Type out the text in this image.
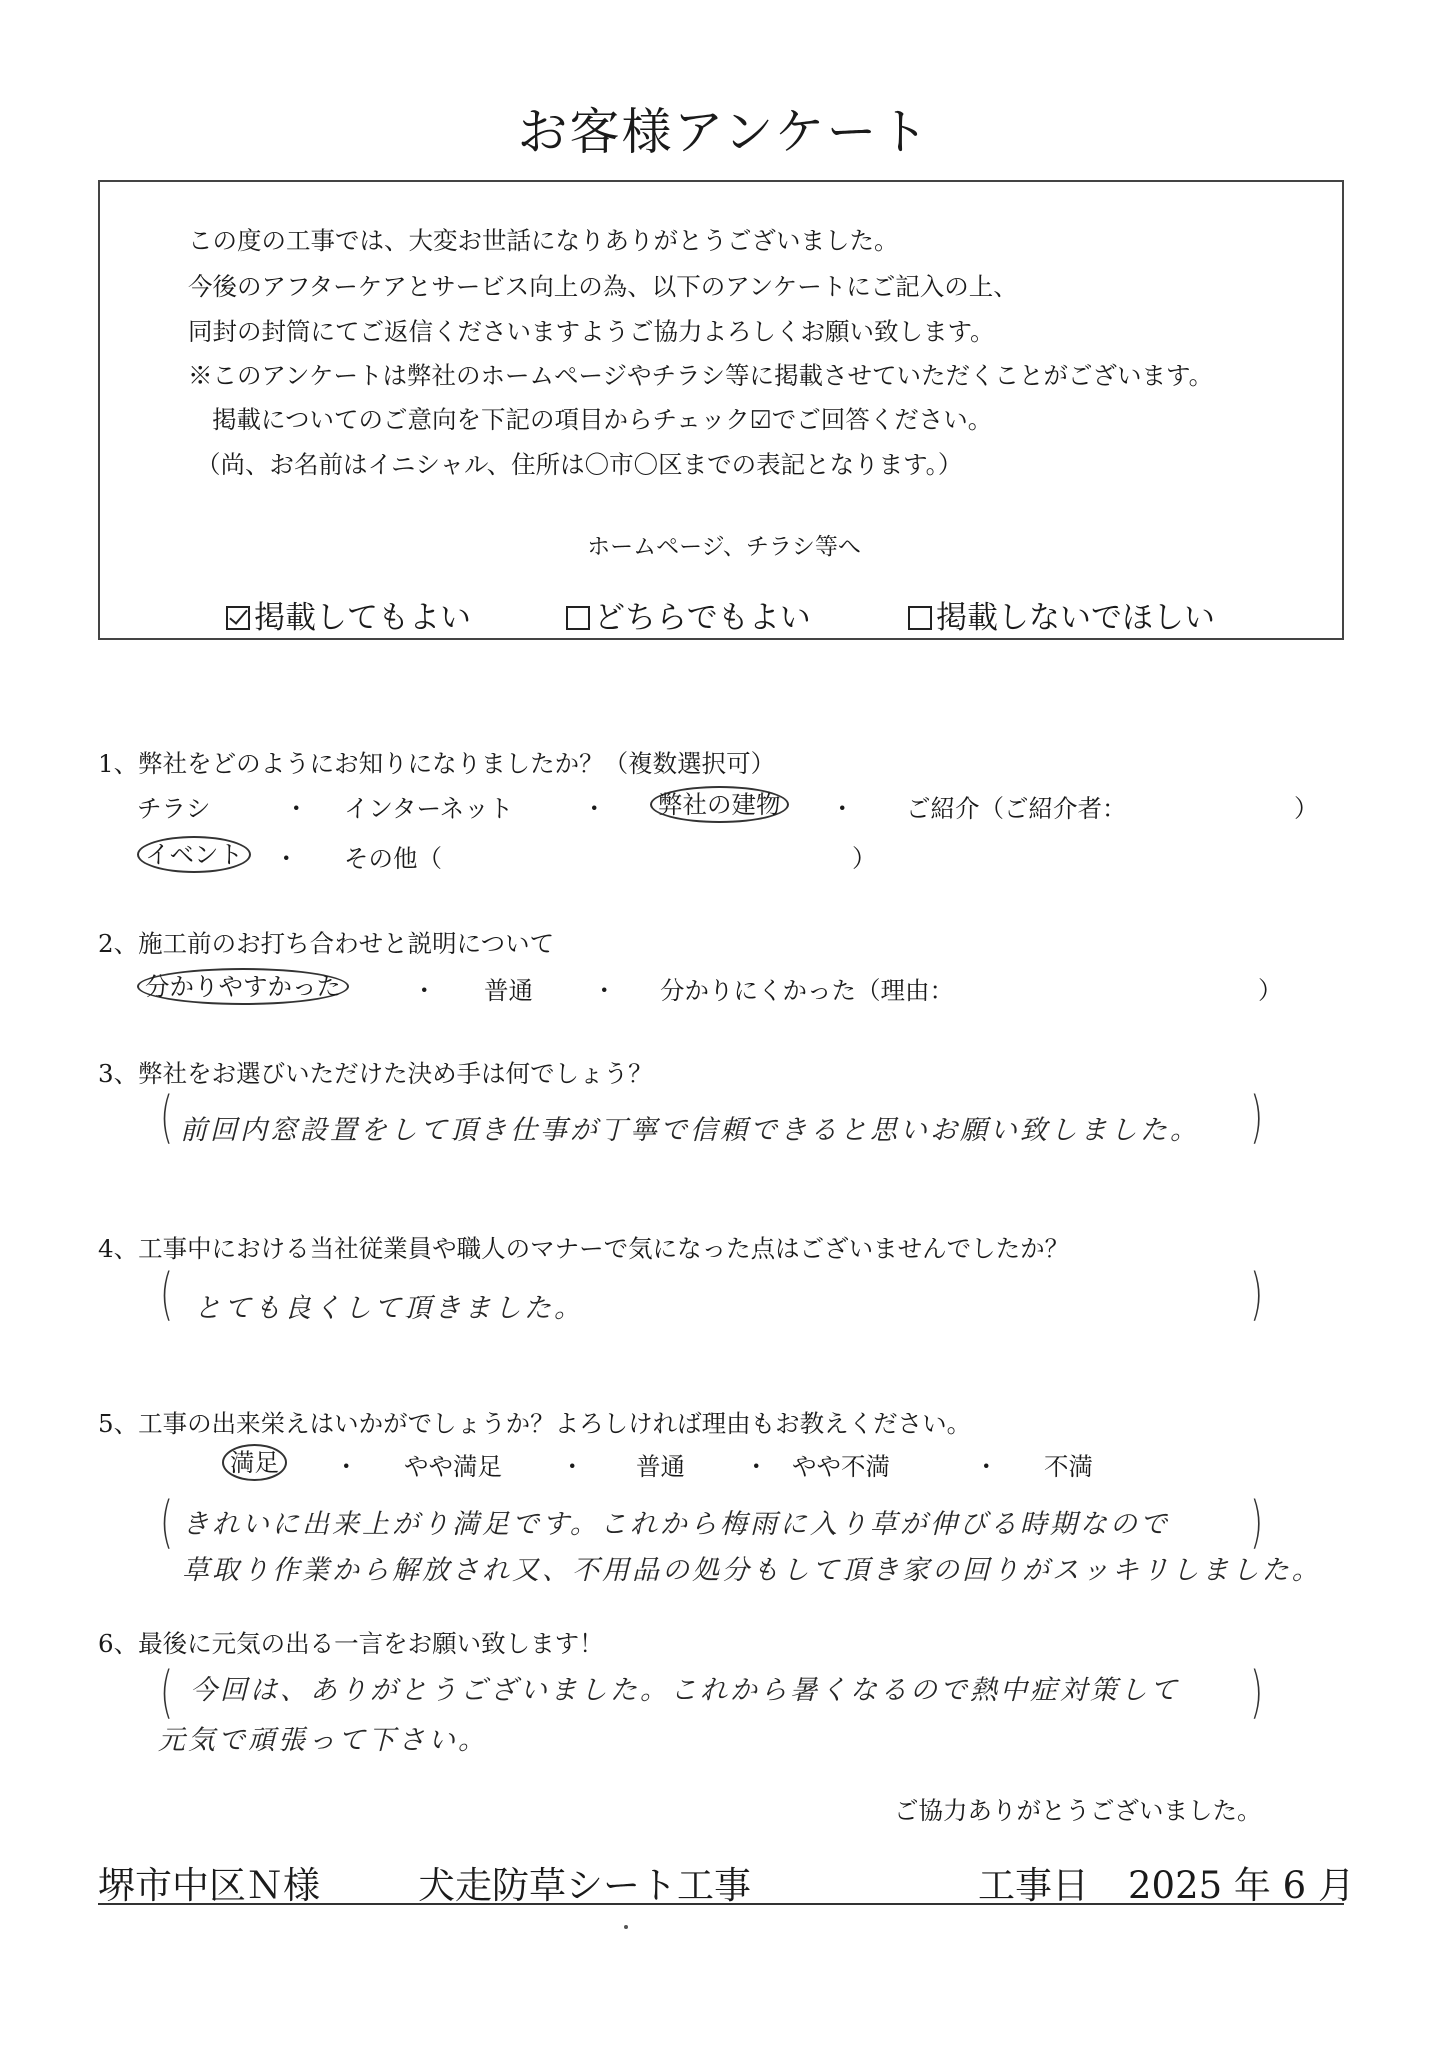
お客様アンケート
この度の工事では、大変お世話になりありがとうございました。
今後のアフターケアとサービス向上の為、以下のアンケートにご記入の上、
同封の封筒にてご返信くださいますようご協力よろしくお願い致します。
※このアンケートは弊社のホームページやチラシ等に掲載させていただくことがございます。
掲載についてのご意向を下記の項目からチェック☑でご回答ください。
（尚、お名前はイニシャル、住所は〇市〇区までの表記となります。）
ホームページ、チラシ等へ
掲載してもよい	どちらでもよい	掲載しないでほしい
1、弊社をどのようにお知りになりましたか？（複数選択可）
チラシ	・ インターネット	・	弊社の建物	・ ご紹介（ご紹介者：	）
イベント	・ その他（	）
2、施工前のお打ち合わせと説明について
分かりやすかった	・ 普通 ・ 分かりにくかった（理由：	）
3、弊社をお選びいただけた決め手は何でしょう？
(	)
前回内窓設置をして頂き仕事が丁寧で信頼できると思いお願い致しました。
4、工事中における当社従業員や職人のマナーで気になった点はございませんでしたか？
(	)
とても良くして頂きました。
5、工事の出来栄えはいかがでしょうか？よろしければ理由もお教えください。
満足	・ やや満足 ・ 普通 ・ やや不満	・ 不満
(	)
きれいに出来上がり満足です。これから梅雨に入り草が伸びる時期なので
草取り作業から解放され又、不用品の処分もして頂き家の回りがスッキリしました。
6、最後に元気の出る一言をお願い致します！
(	)
今回は、ありがとうございました。これから暑くなるので熱中症対策して
元気で頑張って下さい。
ご協力ありがとうございました。
堺市中区Ｎ様	犬走防草シート工事	工事日 2025 年 6 月
